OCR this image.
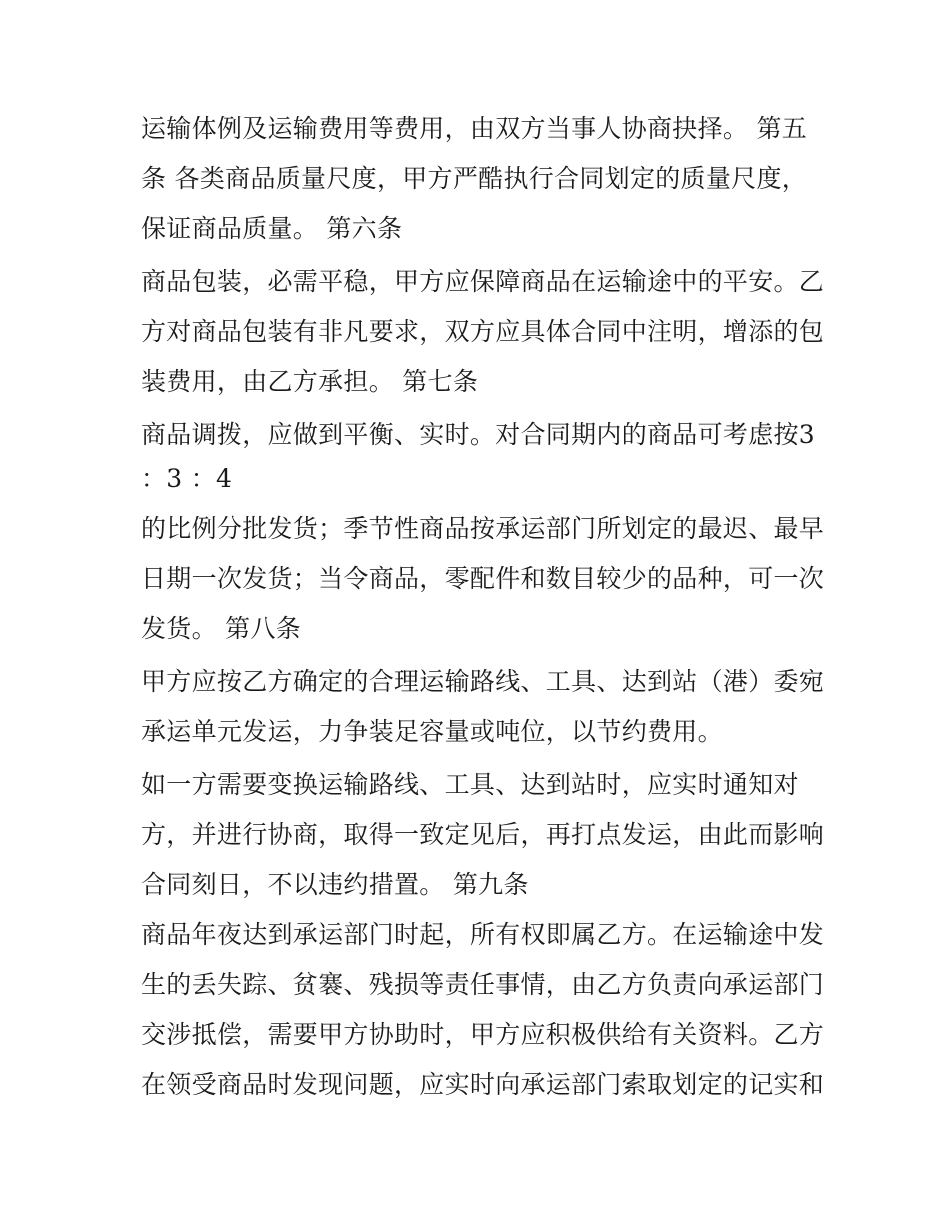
运输体例及运输费用等费用，由双方当事人协商抉择。 第五
条 各类商品质量尺度，甲方严酷执行合同划定的质量尺度，
保证商品质量。 第六条
商品包装，必需平稳，甲方应保障商品在运输途中的平安。乙
方对商品包装有非凡要求，双方应具体合同中注明，增添的包
装费用，由乙方承担。 第七条
商品调拨，应做到平衡、实时。对合同期内的商品可考虑按3
：3 ：4
的比例分批发货；季节性商品按承运部门所划定的最迟、最早
日期一次发货；当令商品，零配件和数目较少的品种，可一次
发货。 第八条
甲方应按乙方确定的合理运输路线、工具、达到站（港）委宛
承运单元发运，力争装足容量或吨位，以节约费用。
如一方需要变换运输路线、工具、达到站时，应实时通知对
方，并进行协商，取得一致定见后，再打点发运，由此而影响
合同刻日，不以违约措置。 第九条
商品年夜达到承运部门时起，所有权即属乙方。在运输途中发
生的丢失踪、贫褰、残损等责任事情，由乙方负责向承运部门
交涉抵偿，需要甲方协助时，甲方应积极供给有关资料。乙方
在领受商品时发现问题，应实时向承运部门索取划定的记实和
